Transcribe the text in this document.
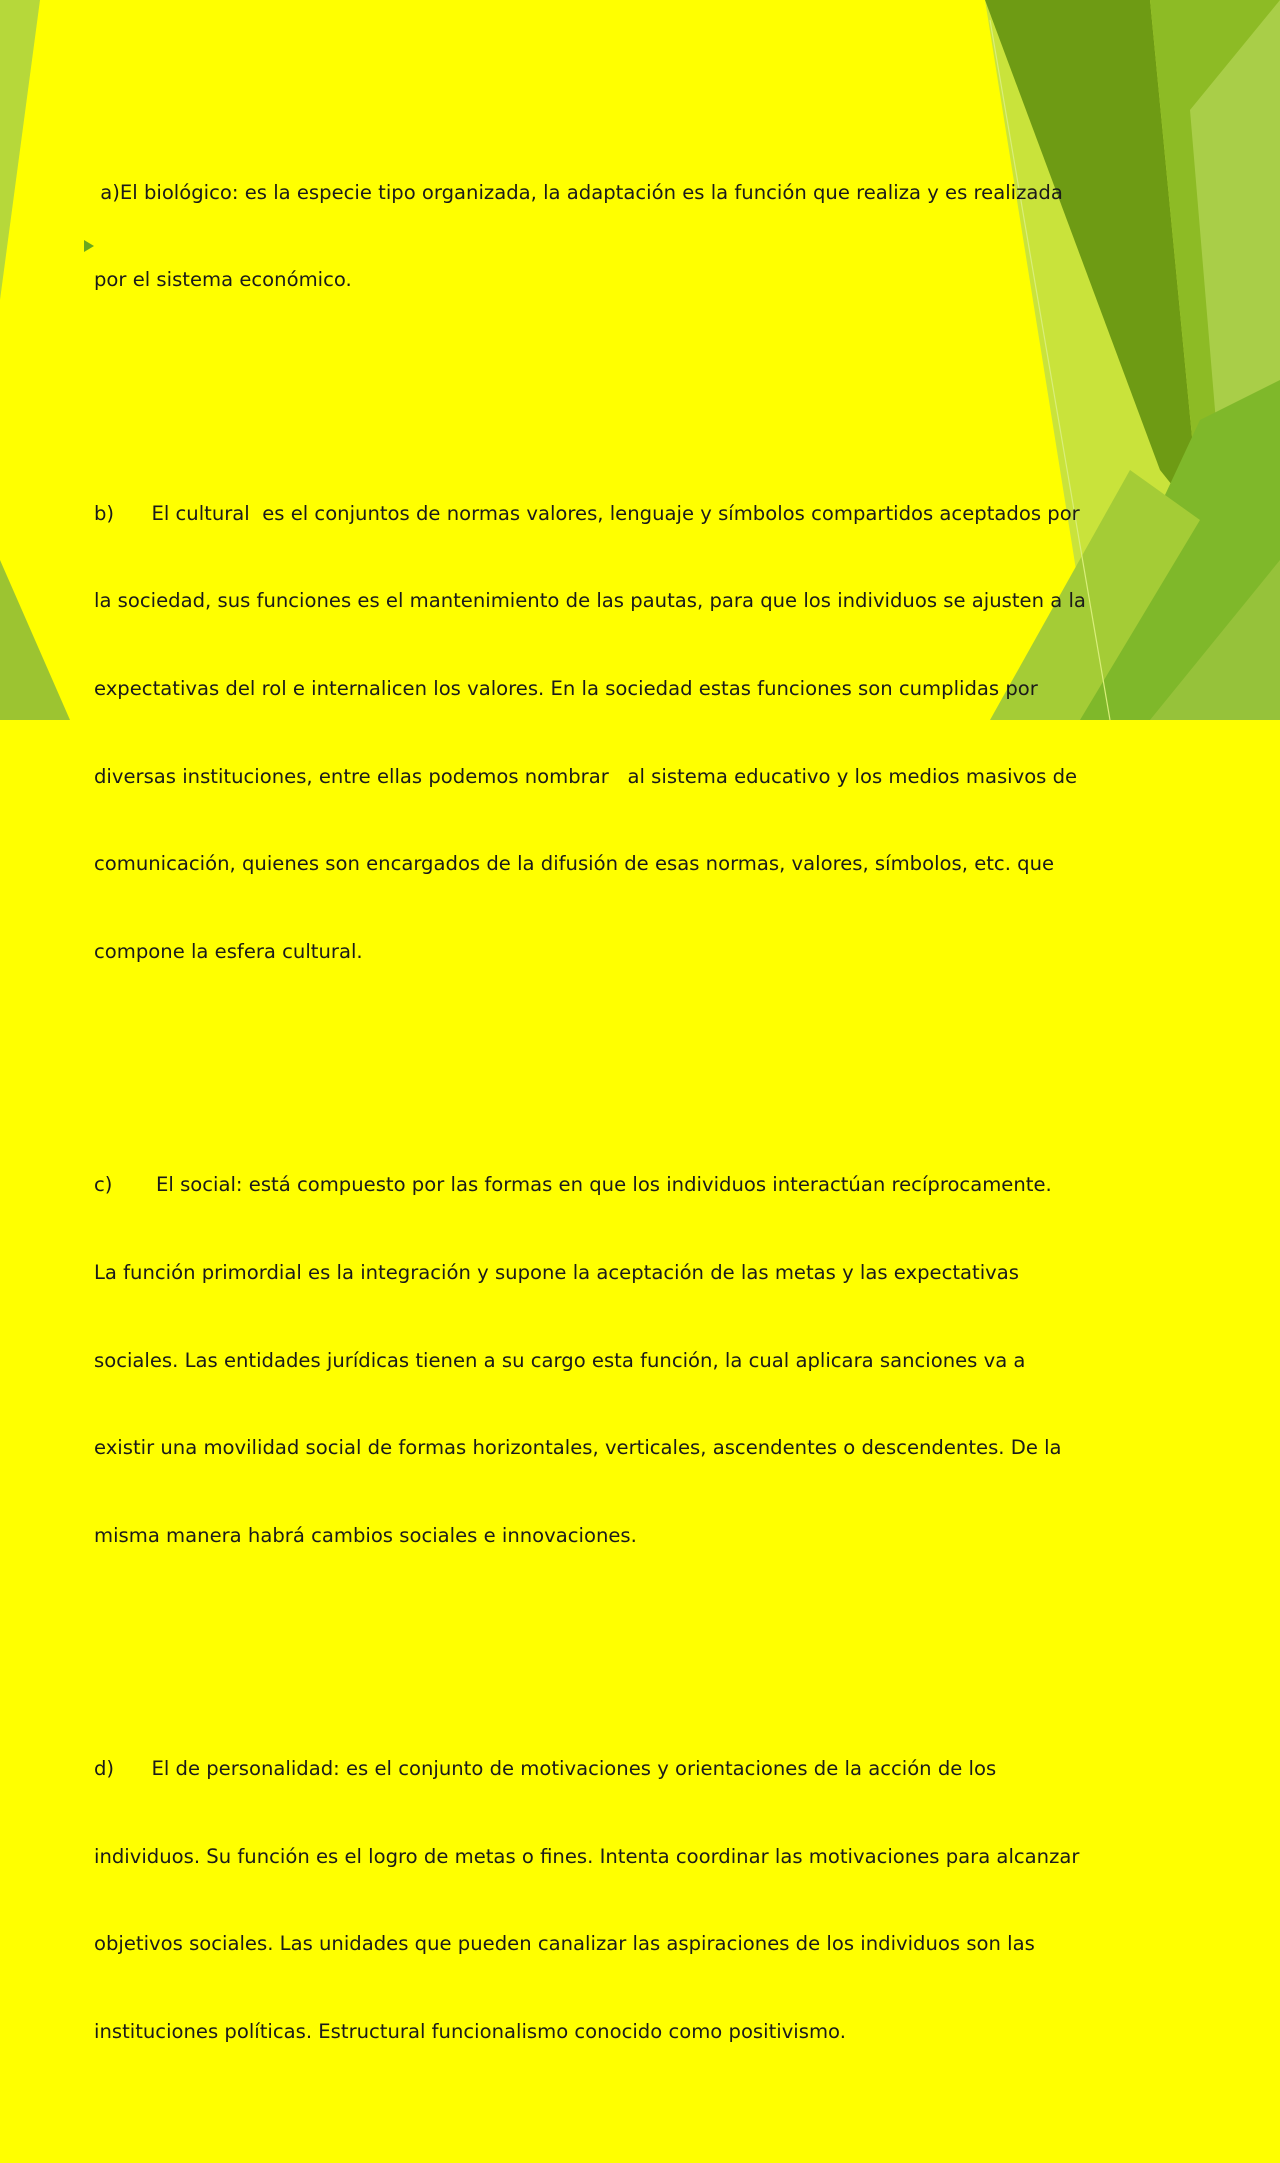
a)El biológico: es la especie tipo organizada, la adaptación es la función que realiza y es realizada

por el sistema económico.

b)      El cultural  es el conjuntos de normas valores, lenguaje y símbolos compartidos aceptados por

la sociedad, sus funciones es el mantenimiento de las pautas, para que los individuos se ajusten a la

expectativas del rol e internalicen los valores. En la sociedad estas funciones son cumplidas por

diversas instituciones, entre ellas podemos nombrar   al sistema educativo y los medios masivos de

comunicación, quienes son encargados de la difusión de esas normas, valores, símbolos, etc. que

compone la esfera cultural.

c)       El social: está compuesto por las formas en que los individuos interactúan recíprocamente.

La función primordial es la integración y supone la aceptación de las metas y las expectativas

sociales. Las entidades jurídicas tienen a su cargo esta función, la cual aplicara sanciones va a

existir una movilidad social de formas horizontales, verticales, ascendentes o descendentes. De la

misma manera habrá cambios sociales e innovaciones.

d)      El de personalidad: es el conjunto de motivaciones y orientaciones de la acción de los

individuos. Su función es el logro de metas o fines. Intenta coordinar las motivaciones para alcanzar

objetivos sociales. Las unidades que pueden canalizar las aspiraciones de los individuos son las

instituciones políticas. Estructural funcionalismo conocido como positivismo.
